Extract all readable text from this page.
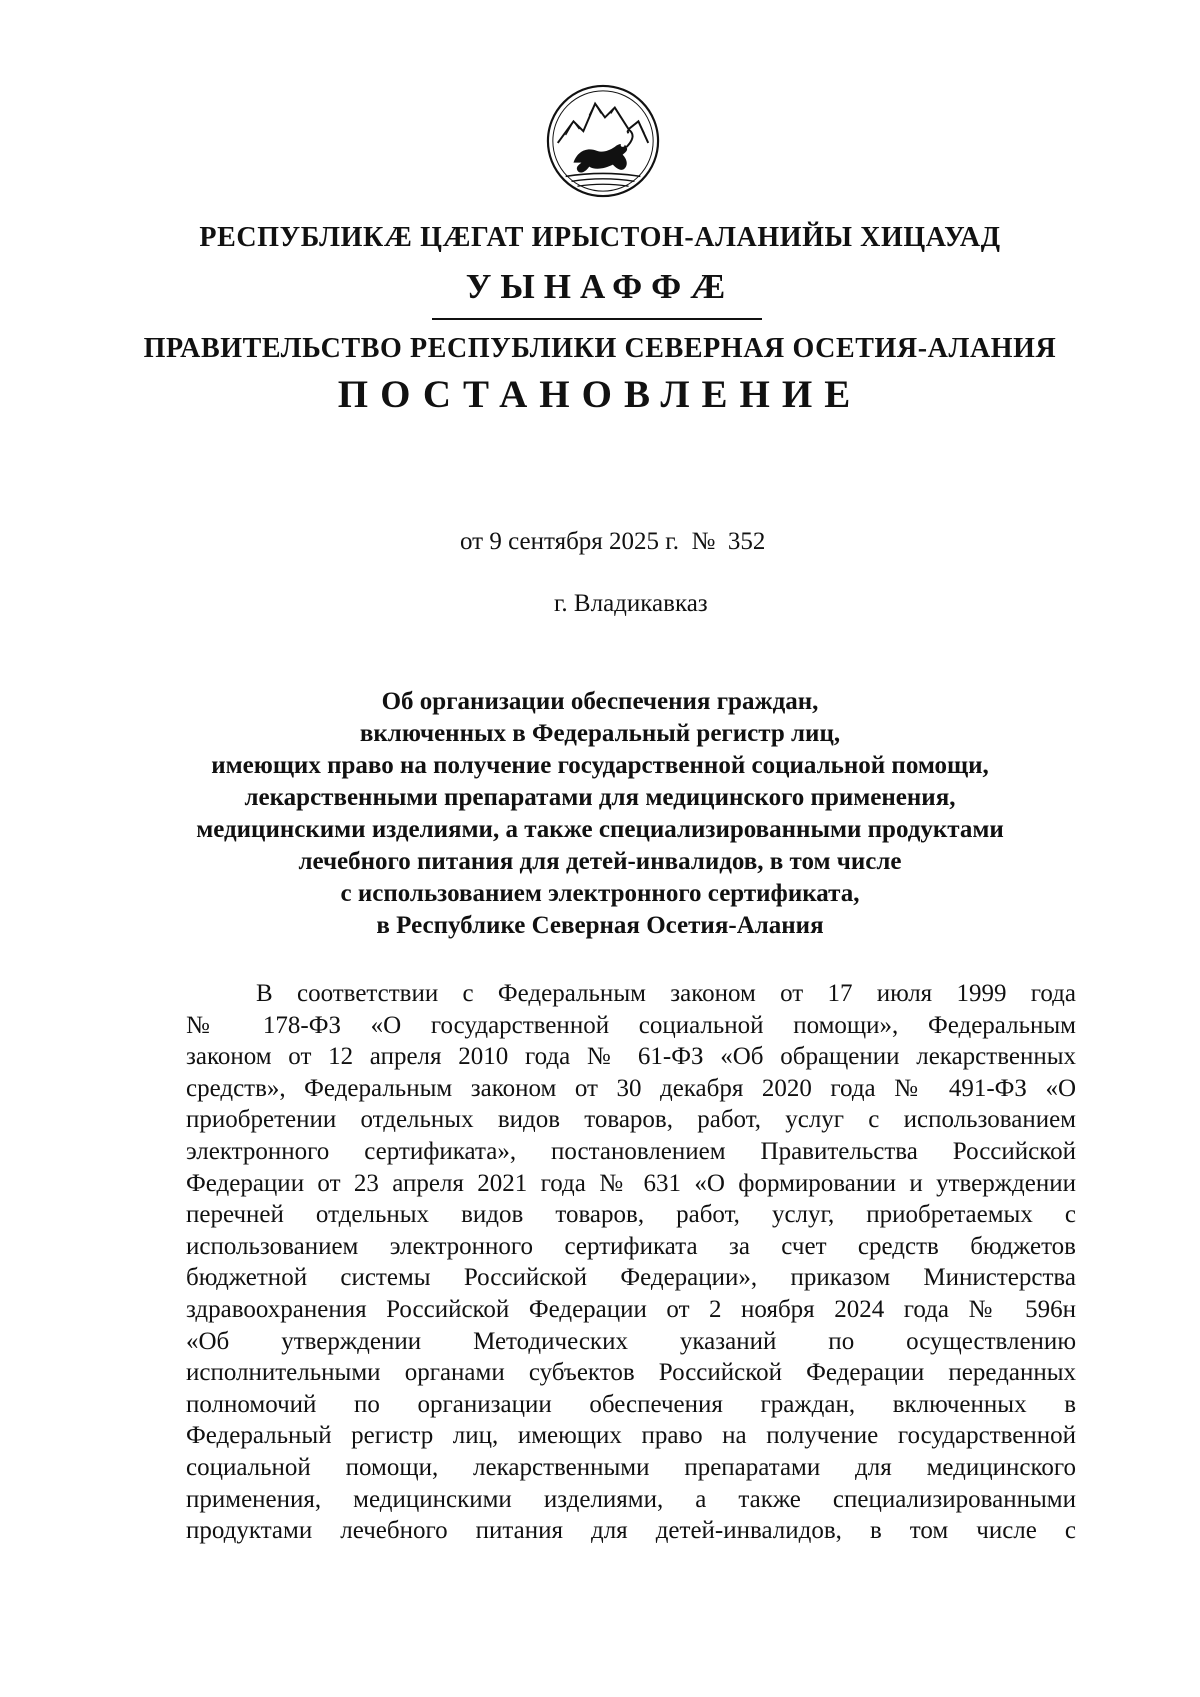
РЕСПУБЛИКӔ ЦӔГАТ ИРЫСТОН-АЛАНИЙЫ ХИЦАУАД
УЫНАФФӔ
ПРАВИТЕЛЬСТВО РЕСПУБЛИКИ СЕВЕРНАЯ ОСЕТИЯ-АЛАНИЯ
ПОСТАНОВЛЕНИЕ
от 9 сентября 2025 г.  №  352
г. Владикавказ
Об организации обеспечения граждан,
включенных в Федеральный регистр лиц,
имеющих право на получение государственной социальной помощи,
лекарственными препаратами для медицинского применения,
медицинскими изделиями, а также специализированными продуктами
лечебного питания для детей-инвалидов, в том числе
с использованием электронного сертификата,
в Республике Северная Осетия-Алания
В соответствии с Федеральным законом от 17 июля 1999 года
№ 178-ФЗ «О государственной социальной помощи», Федеральным
законом от 12 апреля 2010 года № 61-ФЗ «Об обращении лекарственных
средств», Федеральным законом от 30 декабря 2020 года № 491-ФЗ «О
приобретении отдельных видов товаров, работ, услуг с использованием
электронного сертификата», постановлением Правительства Российской
Федерации от 23 апреля 2021 года № 631 «О формировании и утверждении
перечней отдельных видов товаров, работ, услуг, приобретаемых с
использованием электронного сертификата за счет средств бюджетов
бюджетной системы Российской Федерации», приказом Министерства
здравоохранения Российской Федерации от 2 ноября 2024 года № 596н
«Об утверждении Методических указаний по осуществлению
исполнительными органами субъектов Российской Федерации переданных
полномочий по организации обеспечения граждан, включенных в
Федеральный регистр лиц, имеющих право на получение государственной
социальной помощи, лекарственными препаратами для медицинского
применения, медицинскими изделиями, а также специализированными
продуктами лечебного питания для детей-инвалидов, в том числе с
